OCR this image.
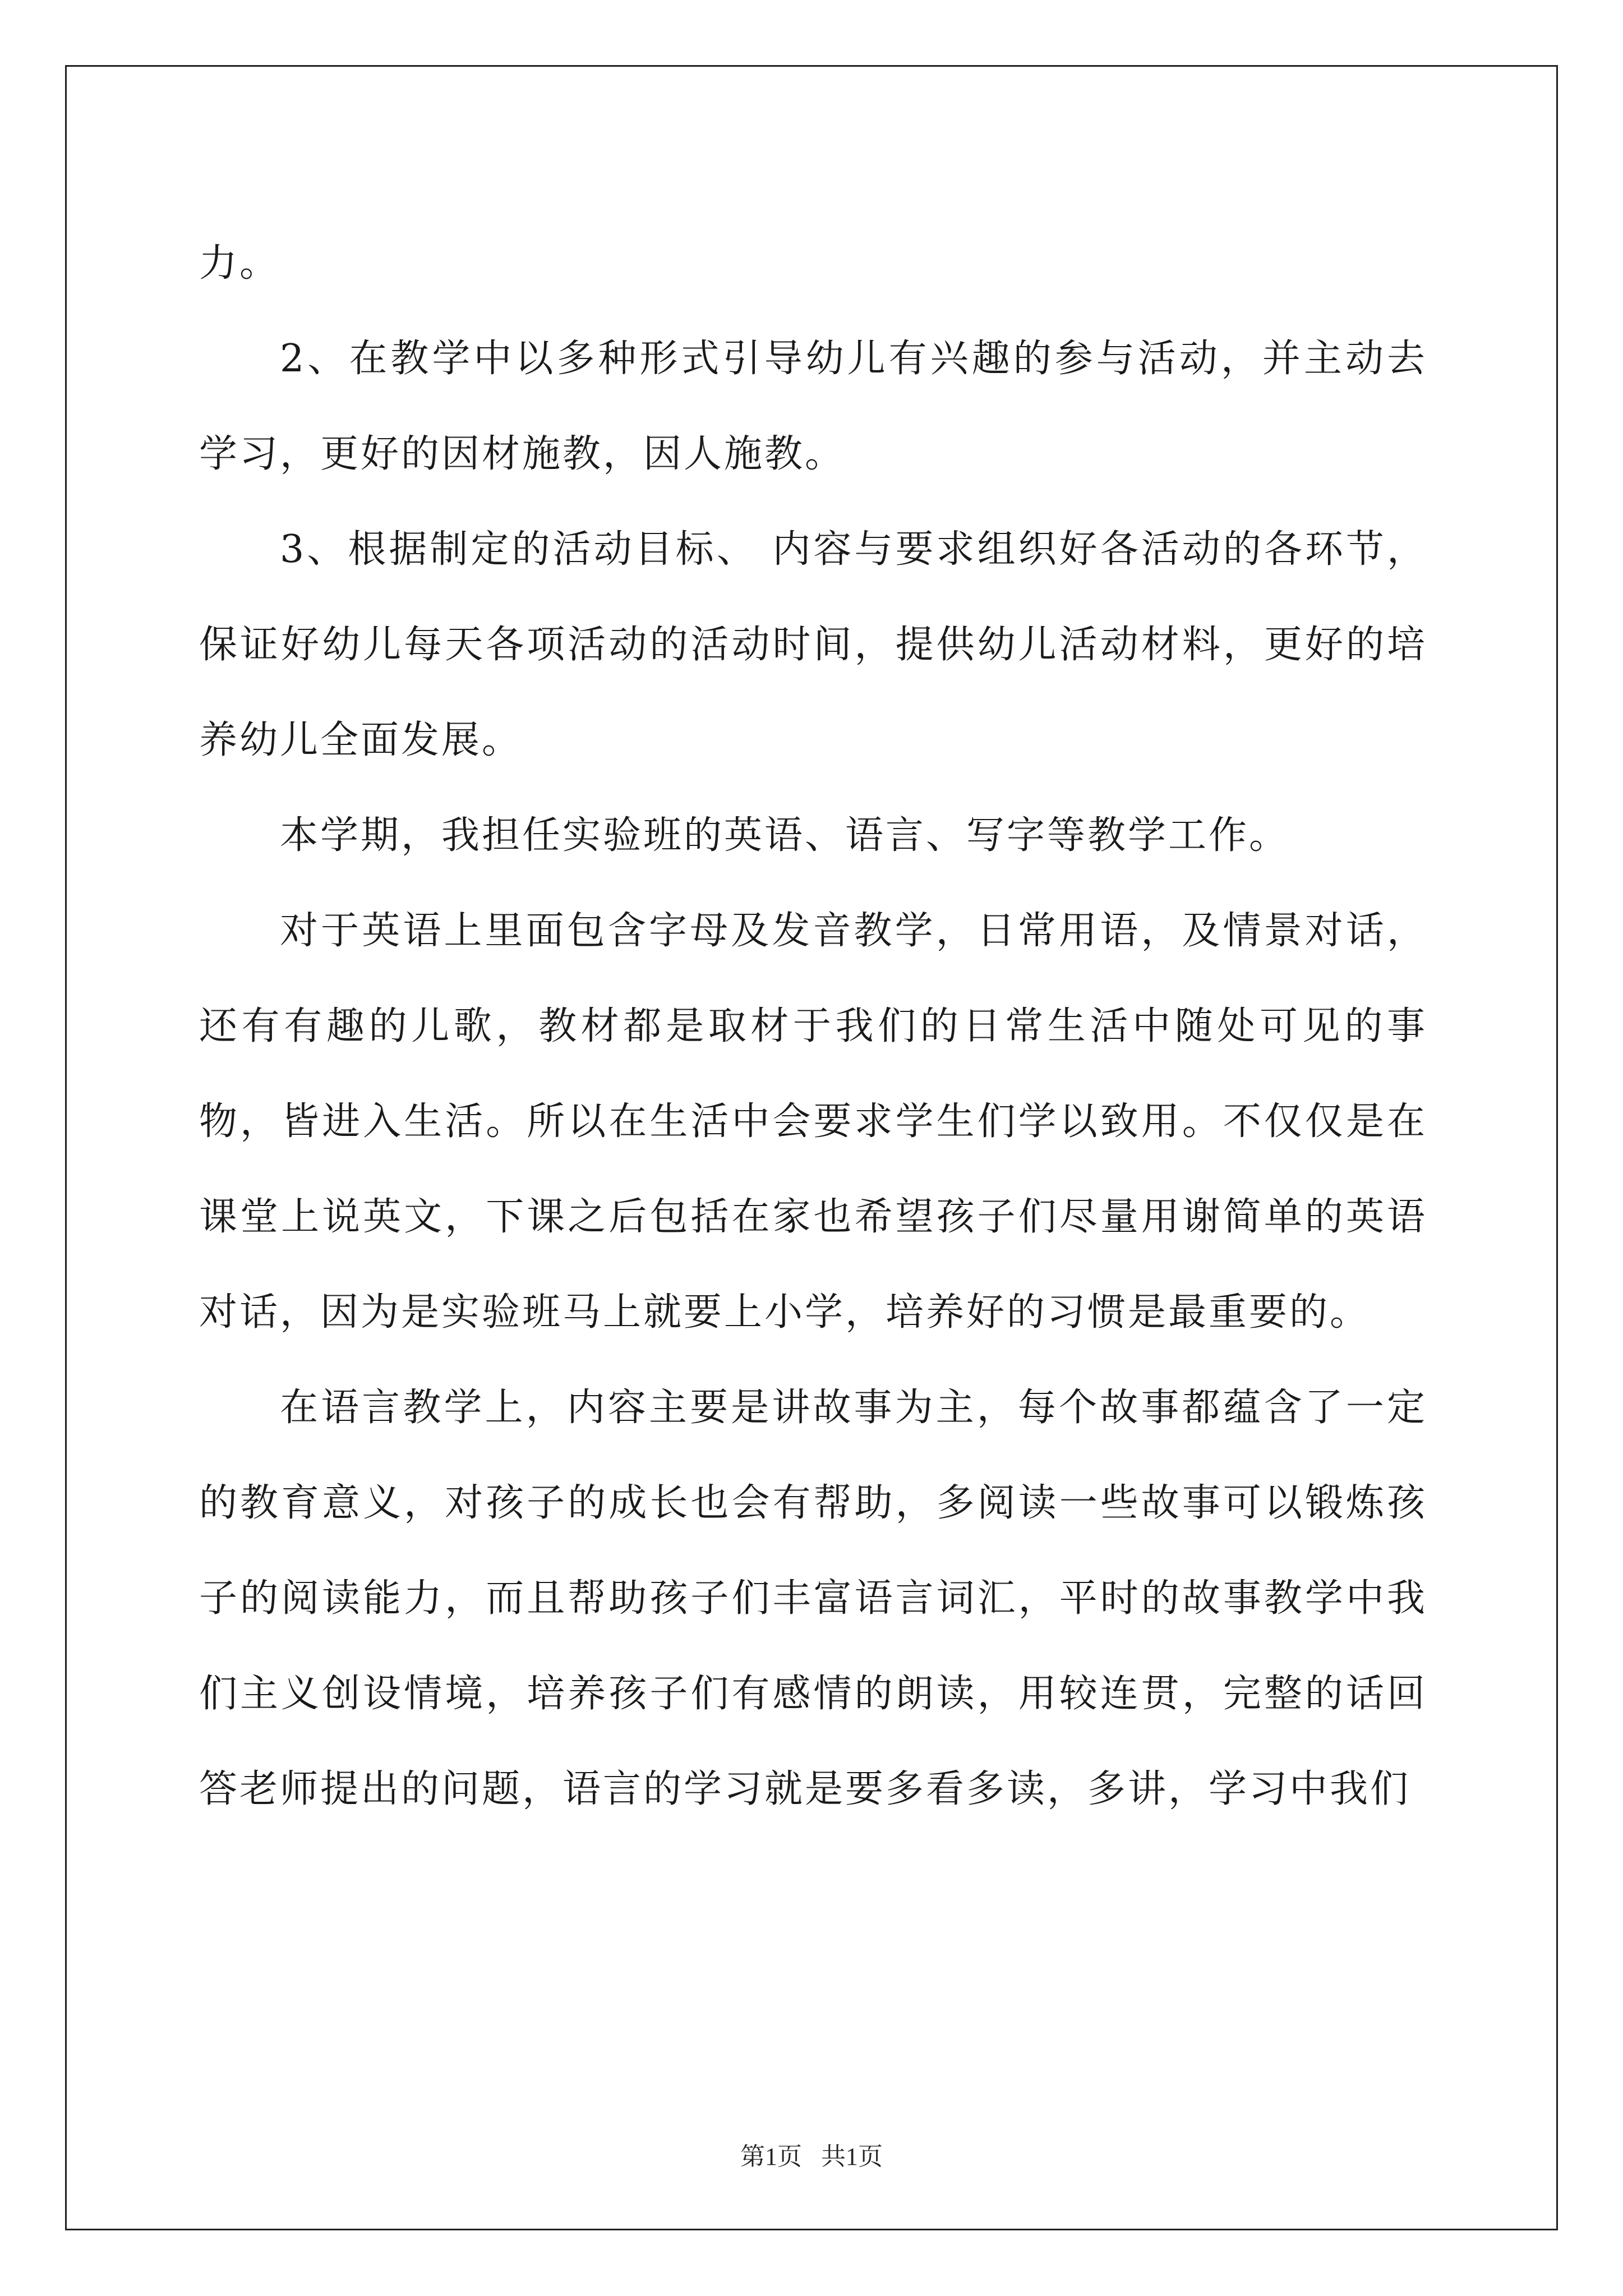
力。

2、在教学中以多种形式引导幼儿有兴趣的参与活动，并主动去学习，更好的因材施教，因人施教。

3、根据制定的活动目标、 内容与要求组织好各活动的各环节，保证好幼儿每天各项活动的活动时间，提供幼儿活动材料，更好的培养幼儿全面发展。

本学期，我担任实验班的英语、语言、写字等教学工作。

对于英语上里面包含字母及发音教学，日常用语，及情景对话，还有有趣的儿歌，教材都是取材于我们的日常生活中随处可见的事物，皆进入生活。所以在生活中会要求学生们学以致用。不仅仅是在课堂上说英文，下课之后包括在家也希望孩子们尽量用谢简单的英语对话，因为是实验班马上就要上小学，培养好的习惯是最重要的。

在语言教学上，内容主要是讲故事为主，每个故事都蕴含了一定的教育意义，对孩子的成长也会有帮助，多阅读一些故事可以锻炼孩子的阅读能力，而且帮助孩子们丰富语言词汇，平时的故事教学中我们主义创设情境，培养孩子们有感情的朗读，用较连贯，完整的话回答老师提出的问题，语言的学习就是要多看多读，多讲，学习中我们

第1页 共1页
